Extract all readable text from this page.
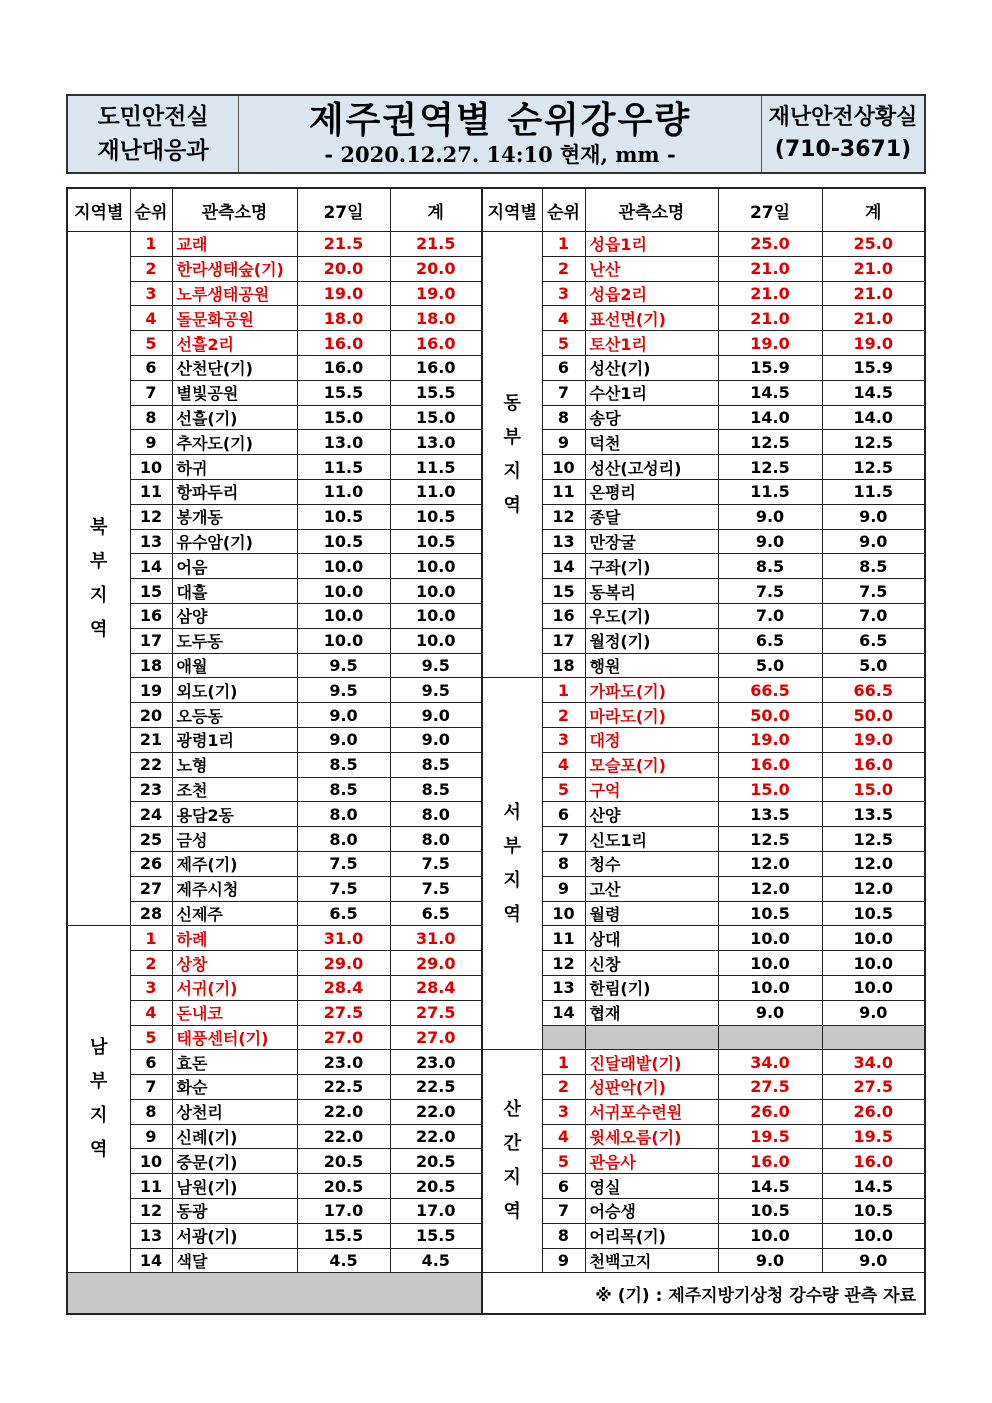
도민안전실
재난대응과
제주권역별 순위강우량
- 2020.12.27. 14:10 현재, mm -
재난안전상황실
(710-3671)
지역별	순위	관측소명	27일	계

북부지역	1	교래	21.5	21.5
	2	한라생태숲(기)	20.0	20.0
	3	노루생태공원	19.0	19.0
	4	돌문화공원	18.0	18.0
	5	선흘2리	16.0	16.0
	6	산천단(기)	16.0	16.0
	7	별빛공원	15.5	15.5
	8	선흘(기)	15.0	15.0
	9	추자도(기)	13.0	13.0
	10	하귀	11.5	11.5
	11	항파두리	11.0	11.0
	12	봉개동	10.5	10.5
	13	유수암(기)	10.5	10.5
	14	어음	10.0	10.0
	15	대흘	10.0	10.0
	16	삼양	10.0	10.0
	17	도두동	10.0	10.0
	18	애월	9.5	9.5
	19	외도(기)	9.5	9.5
	20	오등동	9.0	9.0
	21	광령1리	9.0	9.0
	22	노형	8.5	8.5
	23	조천	8.5	8.5
	24	용담2동	8.0	8.0
	25	금성	8.0	8.0
	26	제주(기)	7.5	7.5
	27	제주시청	7.5	7.5
	28	신제주	6.5	6.5

남부지역	1	하례	31.0	31.0
	2	상창	29.0	29.0
	3	서귀(기)	28.4	28.4
	4	돈내코	27.5	27.5
	5	태풍센터(기)	27.0	27.0
	6	효돈	23.0	23.0
	7	화순	22.5	22.5
	8	상천리	22.0	22.0
	9	신례(기)	22.0	22.0
	10	중문(기)	20.5	20.5
	11	남원(기)	20.5	20.5
	12	동광	17.0	17.0
	13	서광(기)	15.5	15.5
	14	색달	4.5	4.5

지역별	순위	관측소명	27일	계

동부지역	1	성읍1리	25.0	25.0
	2	난산	21.0	21.0
	3	성읍2리	21.0	21.0
	4	표선면(기)	21.0	21.0
	5	토산1리	19.0	19.0
	6	성산(기)	15.9	15.9
	7	수산1리	14.5	14.5
	8	송당	14.0	14.0
	9	덕천	12.5	12.5
	10	성산(고성리)	12.5	12.5
	11	온평리	11.5	11.5
	12	종달	9.0	9.0
	13	만장굴	9.0	9.0
	14	구좌(기)	8.5	8.5
	15	동복리	7.5	7.5
	16	우도(기)	7.0	7.0
	17	월정(기)	6.5	6.5
	18	행원	5.0	5.0

서부지역	1	가파도(기)	66.5	66.5
	2	마라도(기)	50.0	50.0
	3	대정	19.0	19.0
	4	모슬포(기)	16.0	16.0
	5	구억	15.0	15.0
	6	산양	13.5	13.5
	7	신도1리	12.5	12.5
	8	청수	12.0	12.0
	9	고산	12.0	12.0
	10	월령	10.5	10.5
	11	상대	10.0	10.0
	12	신창	10.0	10.0
	13	한림(기)	10.0	10.0
	14	협재	9.0	9.0

산간지역	1	진달래밭(기)	34.0	34.0
	2	성판악(기)	27.5	27.5
	3	서귀포수련원	26.0	26.0
	4	윗세오름(기)	19.5	19.5
	5	관음사	16.0	16.0
	6	영실	14.5	14.5
	7	어승생	10.5	10.5
	8	어리목(기)	10.0	10.0
	9	천백고지	9.0	9.0
※ (기) : 제주지방기상청 강수량 관측 자료				
